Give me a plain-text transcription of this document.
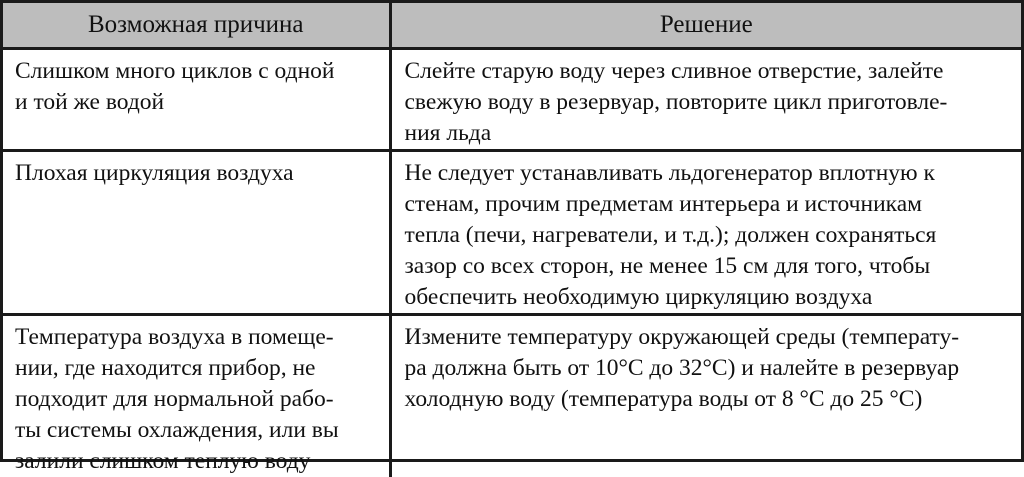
Возможная причина	Решение

Слишком много циклов с одной
и той же водой	Слейте старую воду через сливное отверстие, залейте
свежую воду в резервуар, повторите цикл приготовле-
ния льда

Плохая циркуляция воздуха	Не следует устанавливать льдогенератор вплотную к
стенам, прочим предметам интерьера и источникам
тепла (печи, нагреватели, и т.д.); должен сохраняться
зазор со всех сторон, не менее 15 см для того, чтобы
обеспечить необходимую циркуляцию воздуха

Температура воздуха в помеще-
нии, где находится прибор, не
подходит для нормальной рабо-
ты системы охлаждения, или вы
залили слишком теплую воду	Измените температуру окружающей среды (температу-
ра должна быть от 10°C до 32°C) и налейте в резервуар
холодную воду (температура воды от 8 °C до 25 °C)
